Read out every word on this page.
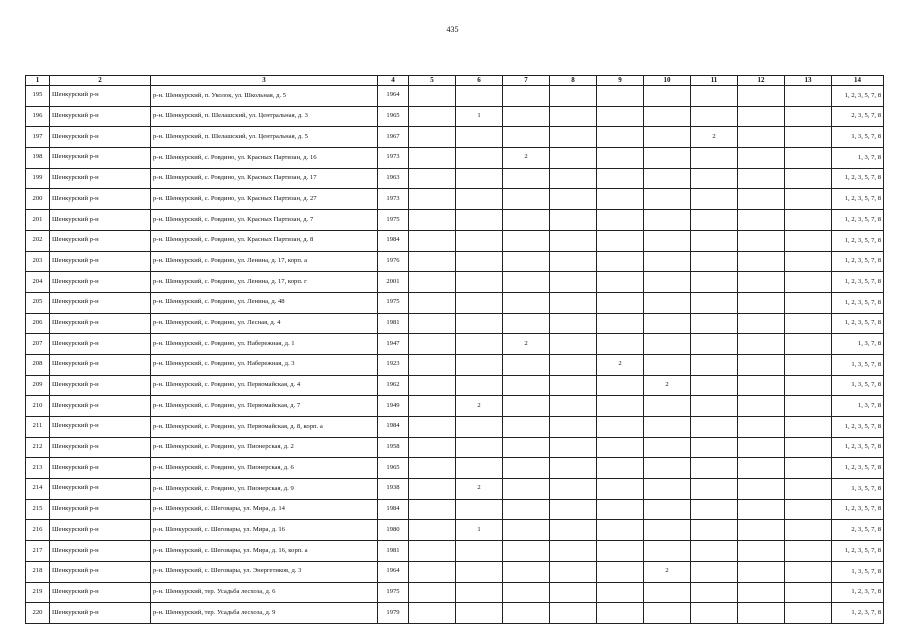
435
1	2	3	4	5	6	7	8	9	10	11	12	13	14
195	Шенкурский р-н	р-н. Шенкурский, п. Уколок, ул. Школьная, д. 5	1964										1, 2, 3, 5, 7, 8
196	Шенкурский р-н	р-н. Шенкурский, п. Шелашский, ул. Центральная, д. 3	1965		1								2, 3, 5, 7, 8
197	Шенкурский р-н	р-н. Шенкурский, п. Шелашский, ул. Центральная, д. 5	1967							2			1, 3, 5, 7, 8
198	Шенкурский р-н	р-н. Шенкурский, с. Ровдино, ул. Красных Партизан, д. 16	1973			2							1, 3, 7, 8
199	Шенкурский р-н	р-н. Шенкурский, с. Ровдино, ул. Красных Партизан, д. 17	1963										1, 2, 3, 5, 7, 8
200	Шенкурский р-н	р-н. Шенкурский, с. Ровдино, ул. Красных Партизан, д. 27	1973										1, 2, 3, 5, 7, 8
201	Шенкурский р-н	р-н. Шенкурский, с. Ровдино, ул. Красных Партизан, д. 7	1975										1, 2, 3, 5, 7, 8
202	Шенкурский р-н	р-н. Шенкурский, с. Ровдино, ул. Красных Партизан, д. 8	1984										1, 2, 3, 5, 7, 8
203	Шенкурский р-н	р-н. Шенкурский, с. Ровдино, ул. Ленина, д. 17, корп. а	1976										1, 2, 3, 5, 7, 8
204	Шенкурский р-н	р-н. Шенкурский, с. Ровдино, ул. Ленина, д. 17, корп. г	2001										1, 2, 3, 5, 7, 8
205	Шенкурский р-н	р-н. Шенкурский, с. Ровдино, ул. Ленина, д. 48	1975										1, 2, 3, 5, 7, 8
206	Шенкурский р-н	р-н. Шенкурский, с. Ровдино, ул. Лесная, д. 4	1981										1, 2, 3, 5, 7, 8
207	Шенкурский р-н	р-н. Шенкурский, с. Ровдино, ул. Набережная, д. 1	1947			2							1, 3, 7, 8
208	Шенкурский р-н	р-н. Шенкурский, с. Ровдино, ул. Набережная, д. 3	1923					2					1, 3, 5, 7, 8
209	Шенкурский р-н	р-н. Шенкурский, с. Ровдино, ул. Первомайская, д. 4	1962						2				1, 3, 5, 7, 8
210	Шенкурский р-н	р-н. Шенкурский, с. Ровдино, ул. Первомайская, д. 7	1949		2								1, 3, 7, 8
211	Шенкурский р-н	р-н. Шенкурский, с. Ровдино, ул. Первомайская, д. 8, корп. а	1984										1, 2, 3, 5, 7, 8
212	Шенкурский р-н	р-н. Шенкурский, с. Ровдино, ул. Пионерская, д. 2	1958										1, 2, 3, 5, 7, 8
213	Шенкурский р-н	р-н. Шенкурский, с. Ровдино, ул. Пионерская, д. 6	1965										1, 2, 3, 5, 7, 8
214	Шенкурский р-н	р-н. Шенкурский, с. Ровдино, ул. Пионерская, д. 9	1938		2								1, 3, 5, 7, 8
215	Шенкурский р-н	р-н. Шенкурский, с. Шеговары, ул. Мира, д. 14	1984										1, 2, 3, 5, 7, 8
216	Шенкурский р-н	р-н. Шенкурский, с. Шеговары, ул. Мира, д. 16	1980		1								2, 3, 5, 7, 8
217	Шенкурский р-н	р-н. Шенкурский, с. Шеговары, ул. Мира, д. 16, корп. а	1981										1, 2, 3, 5, 7, 8
218	Шенкурский р-н	р-н. Шенкурский, с. Шеговары, ул. Энергетиков, д. 3	1964						2				1, 3, 5, 7, 8
219	Шенкурский р-н	р-н. Шенкурский, тер. Усадьба лесхоза, д. 6	1975										1, 2, 3, 7, 8
220	Шенкурский р-н	р-н. Шенкурский, тер. Усадьба лесхоза, д. 9	1979										1, 2, 3, 7, 8
